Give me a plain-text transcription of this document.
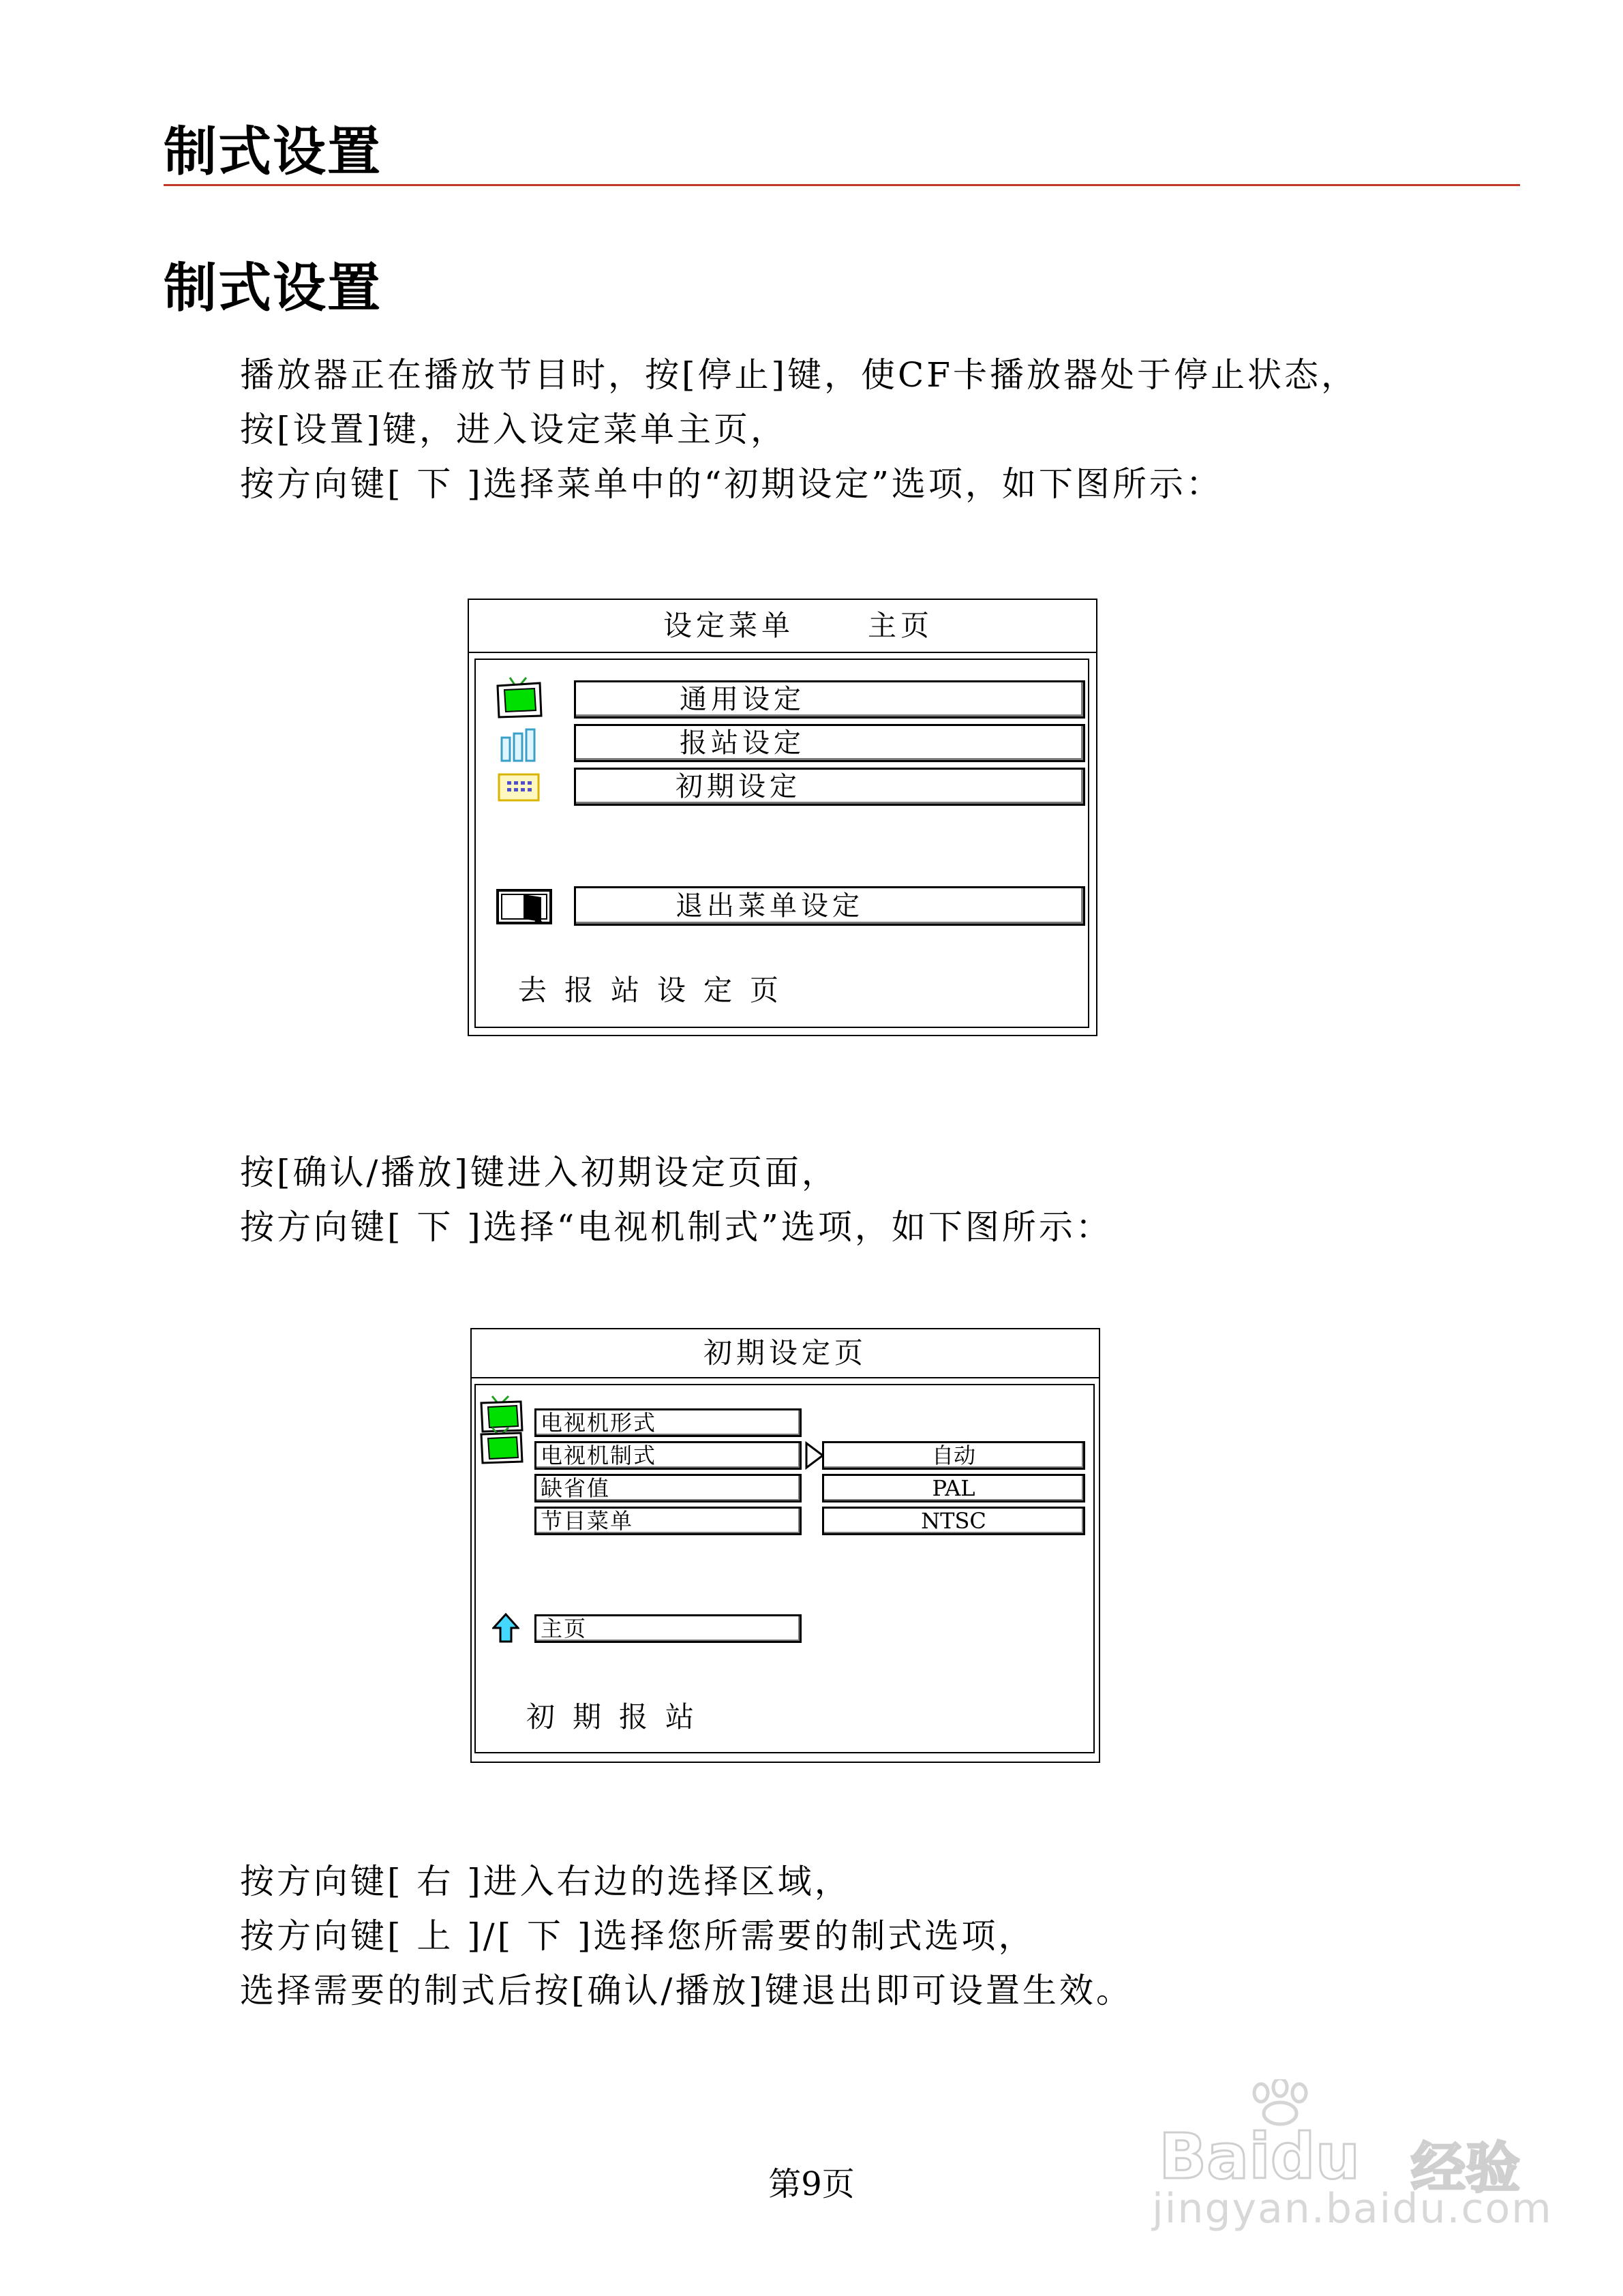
制式设置
制式设置
播放器正在播放节目时，按[停止]键，使CF卡播放器处于停止状态，
按[设置]键，进入设定菜单主页，
按方向键[ 下 ]选择菜单中的“初期设定”选项，如下图所示：
设定菜单	主页
通用设定
报站设定
初期设定
退出菜单设定
去报站设定页
按[确认/播放]键进入初期设定页面，
按方向键[ 下 ]选择“电视机制式”选项，如下图所示：
初期设定页
电视机形式
电视机制式
缺省值
节目菜单
自动
PAL
NTSC
主页
初期报站
按方向键[ 右 ]进入右边的选择区域，
按方向键[ 上 ]/[ 下 ]选择您所需要的制式选项，
选择需要的制式后按[确认/播放]键退出即可设置生效。
第9页	Baidu 经验
jingyan.baidu.com
